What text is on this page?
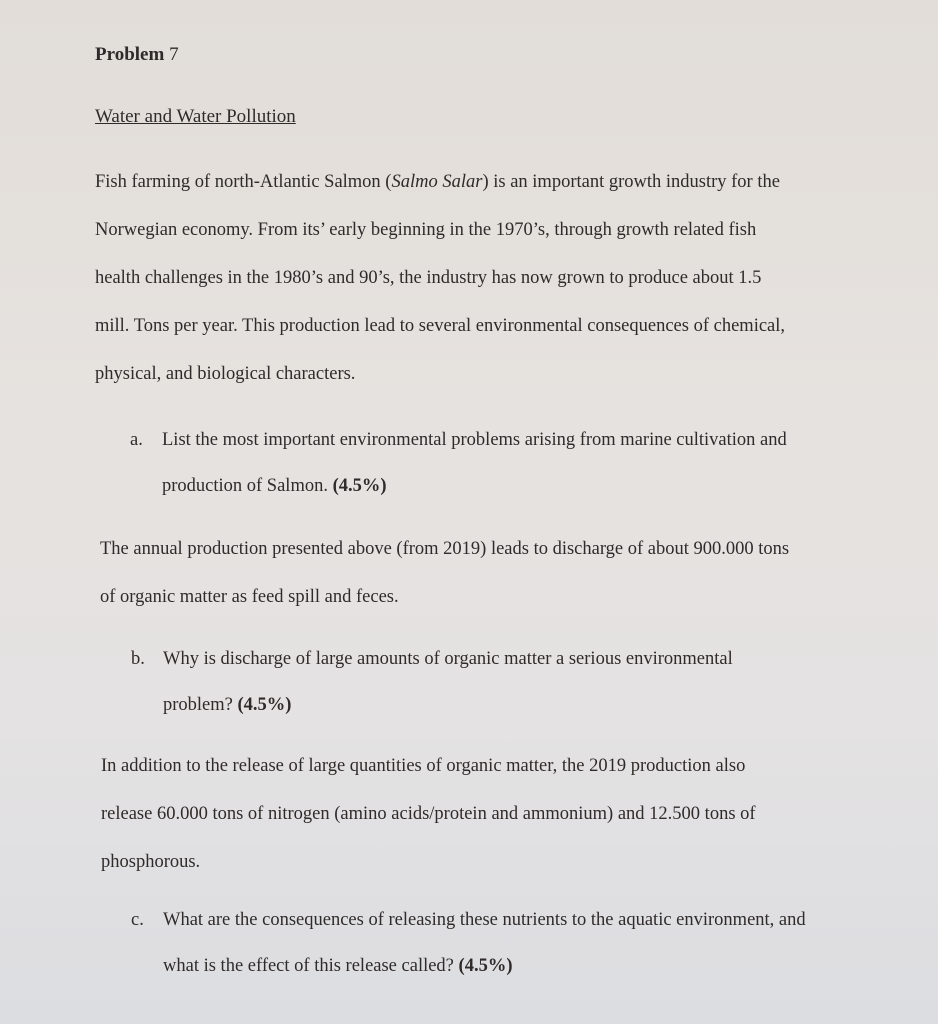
Problem 7
Water and Water Pollution

Fish farming of north-Atlantic Salmon (Salmo Salar) is an important growth industry for the

Norwegian economy. From its’ early beginning in the 1970’s, through growth related fish

health challenges in the 1980’s and 90’s, the industry has now grown to produce about 1.5

mill. Tons per year. This production lead to several environmental consequences of chemical,

physical, and biological characters.

a. List the most important environmental problems arising from marine cultivation and

production of Salmon. (4.5%)

The annual production presented above (from 2019) leads to discharge of about 900.000 tons

of organic matter as feed spill and feces.

b. Why is discharge of large amounts of organic matter a serious environmental

problem? (4.5%)

In addition to the release of large quantities of organic matter, the 2019 production also

release 60.000 tons of nitrogen (amino acids/protein and ammonium) and 12.500 tons of

phosphorous.

c. What are the consequences of releasing these nutrients to the aquatic environment, and

what is the effect of this release called? (4.5%)
